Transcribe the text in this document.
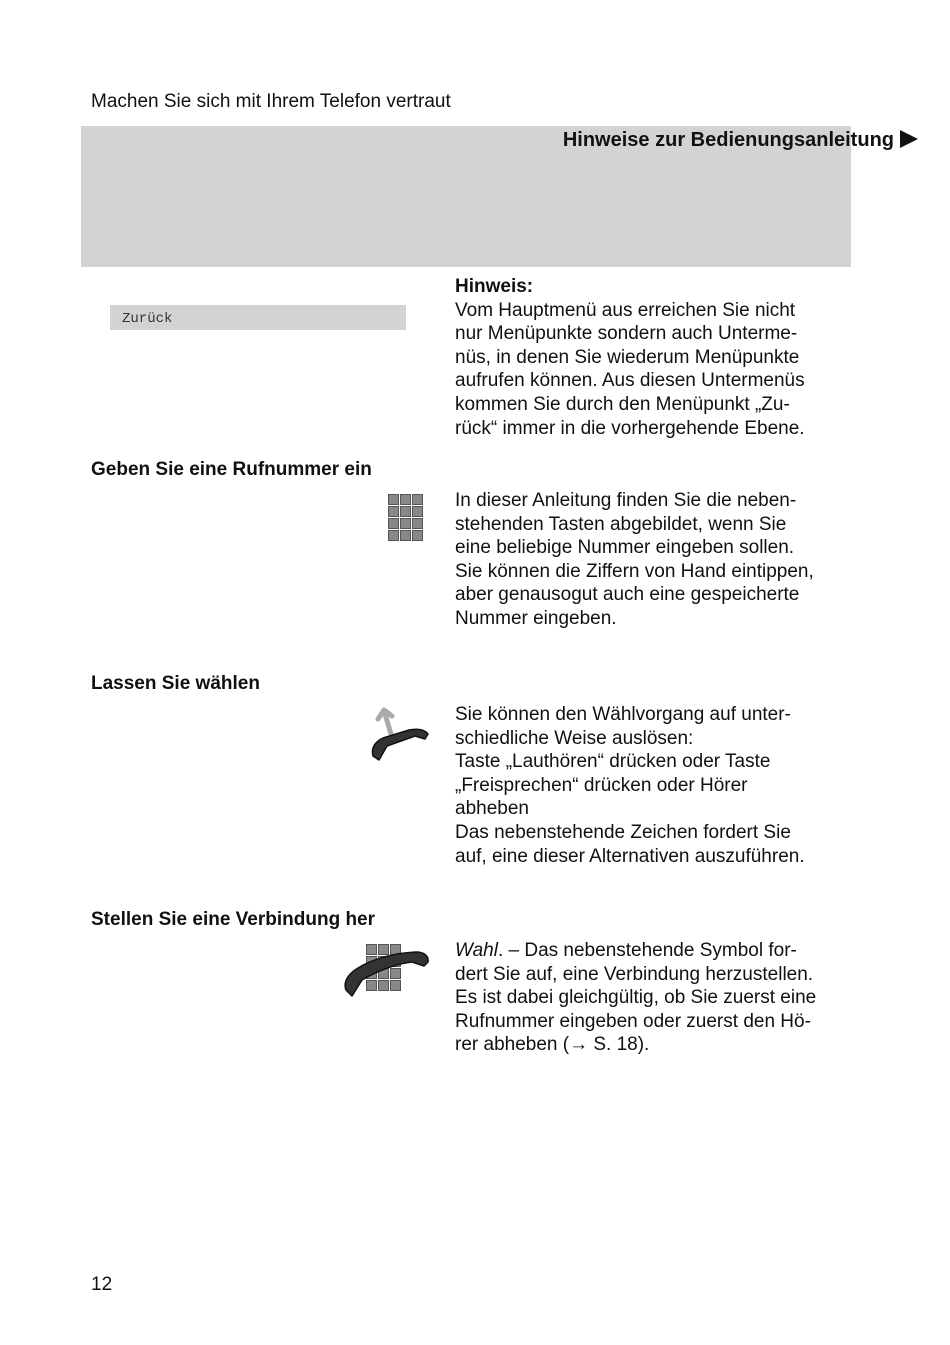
Machen Sie sich mit Ihrem Telefon vertraut
Hinweise zur Bedienungsanleitung
Zurück

Hinweis:

Vom Hauptmenü aus erreichen Sie nicht

nur Menüpunkte sondern auch Unterme-

nüs, in denen Sie wiederum Menüpunkte

aufrufen können. Aus diesen Untermenüs

kommen Sie durch den Menüpunkt „Zu-

rück“ immer in die vorhergehende Ebene.

Geben Sie eine Rufnummer ein

In dieser Anleitung finden Sie die neben-

stehenden Tasten abgebildet, wenn Sie

eine beliebige Nummer eingeben sollen.

Sie können die Ziffern von Hand eintippen,

aber genausogut auch eine gespeicherte

Nummer eingeben.

Lassen Sie wählen

Sie können den Wählvorgang auf unter-

schiedliche Weise auslösen:

Taste „Lauthören“ drücken oder Taste

„Freisprechen“ drücken oder Hörer

abheben

Das nebenstehende Zeichen fordert Sie

auf, eine dieser Alternativen auszuführen.

Stellen Sie eine Verbindung her

Wahl. – Das nebenstehende Symbol for-

dert Sie auf, eine Verbindung herzustellen.

Es ist dabei gleichgültig, ob Sie zuerst eine

Rufnummer eingeben oder zuerst den Hö-

rer abheben (→ S. 18).

12
